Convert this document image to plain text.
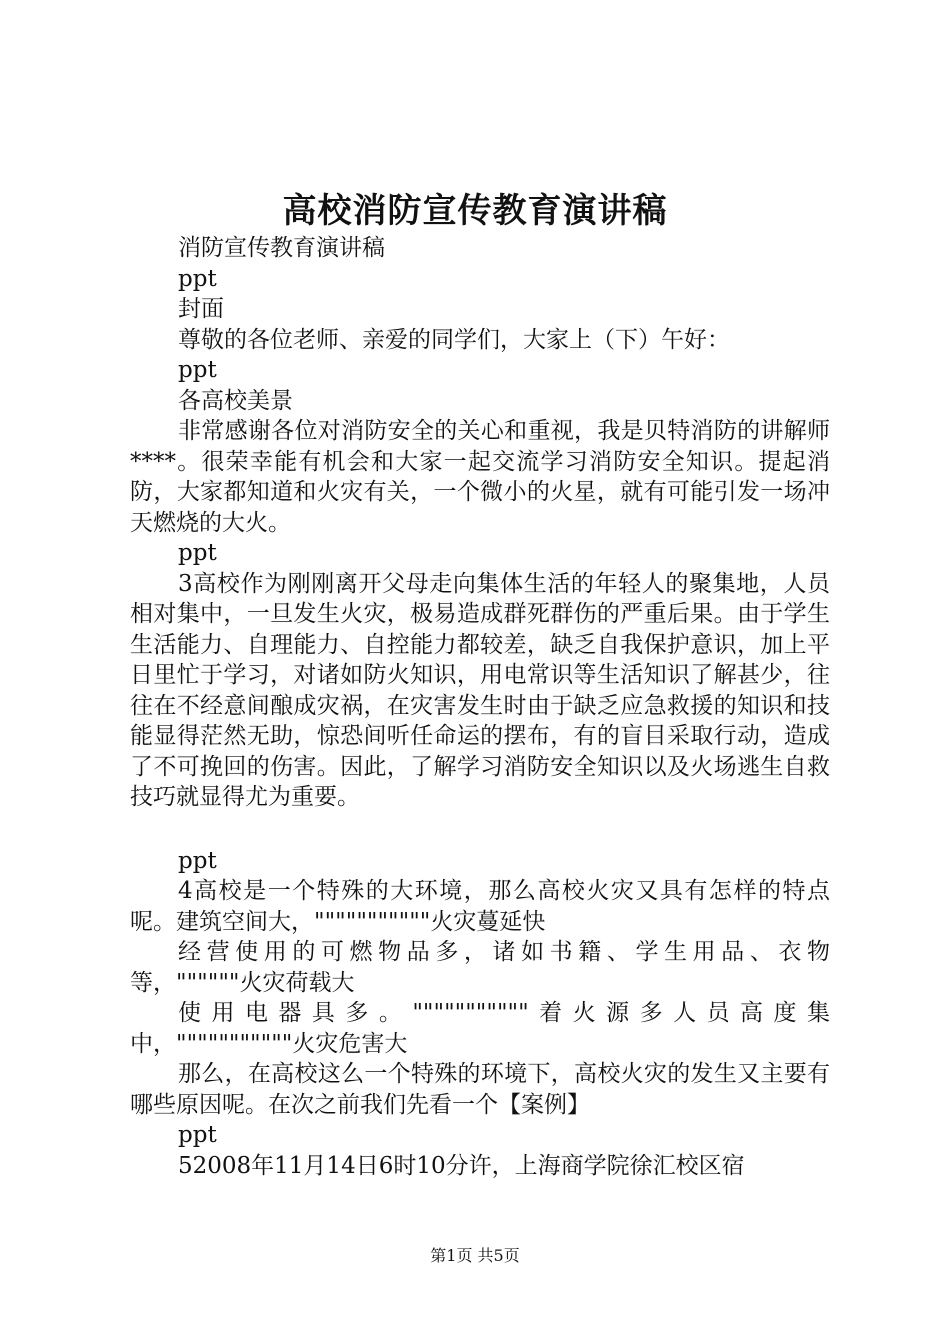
高校消防宣传教育演讲稿

消防宣传教育演讲稿

ppt

封面

尊敬的各位老师、亲爱的同学们，大家上（下）午好：

ppt

各高校美景

非常感谢各位对消防安全的关心和重视，我是贝特消防的讲解师****。很荣幸能有机会和大家一起交流学习消防安全知识。提起消防，大家都知道和火灾有关，一个微小的火星，就有可能引发一场冲天燃烧的大火。

ppt

3高校作为刚刚离开父母走向集体生活的年轻人的聚集地，人员相对集中，一旦发生火灾，极易造成群死群伤的严重后果。由于学生生活能力、自理能力、自控能力都较差，缺乏自我保护意识，加上平日里忙于学习，对诸如防火知识，用电常识等生活知识了解甚少，往往在不经意间酿成灾祸，在灾害发生时由于缺乏应急救援的知识和技能显得茫然无助，惊恐间听任命运的摆布，有的盲目采取行动，造成了不可挽回的伤害。因此，了解学习消防安全知识以及火场逃生自救技巧就显得尤为重要。

ppt

4高校是一个特殊的大环境，那么高校火灾又具有怎样的特点呢。建筑空间大，"""""""""""火灾蔓延快

经营使用的可燃物品多，诸如书籍、学生用品、衣物等，""""""火灾荷载大

使用电器具多。"""""""""""着火源多人员高度集中，"""""""""""火灾危害大

那么，在高校这么一个特殊的环境下，高校火灾的发生又主要有哪些原因呢。在次之前我们先看一个【案例】

ppt

52008年11月14日6时10分许，上海商学院徐汇校区宿

第1页 共5页
